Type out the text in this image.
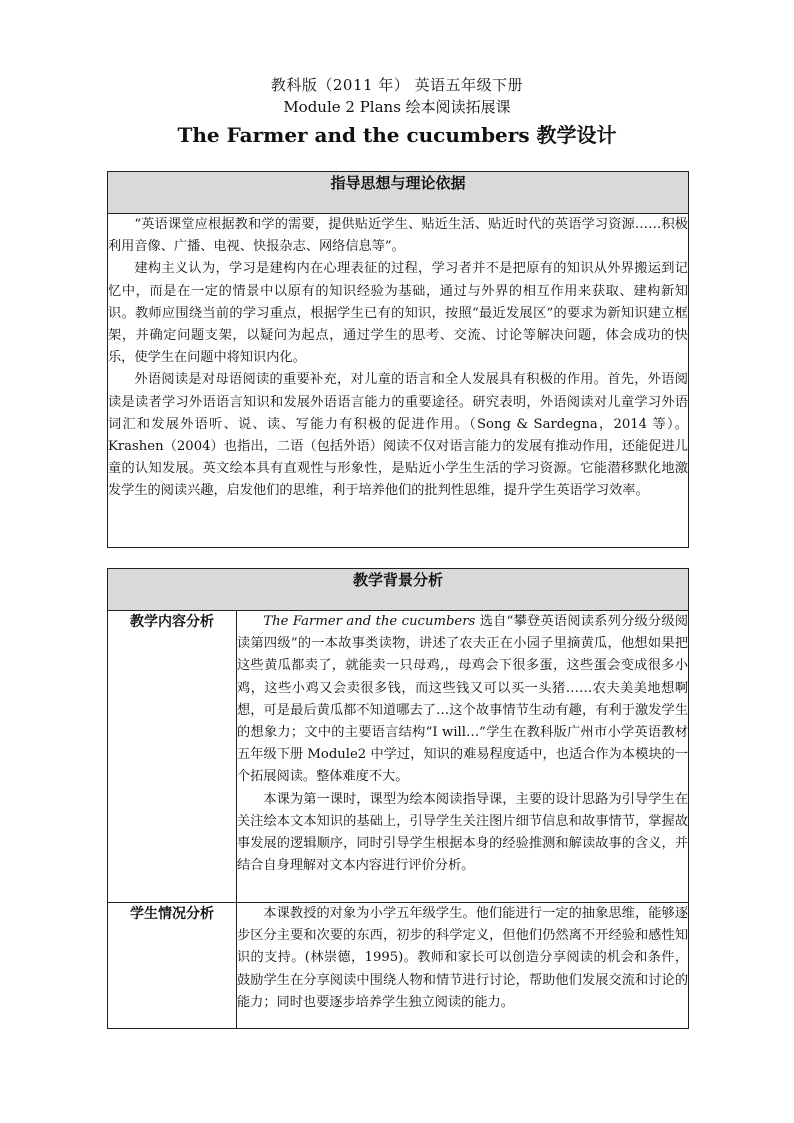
教科版（2011 年） 英语五年级下册
Module 2 Plans 绘本阅读拓展课
The Farmer and the cucumbers 教学设计
指导思想与理论依据

“英语课堂应根据教和学的需要，提供贴近学生、贴近生活、贴近时代的英语学习资源……积极利用音像、广播、电视、快报杂志、网络信息等”。

建构主义认为，学习是建构内在心理表征的过程，学习者并不是把原有的知识从外界搬运到记忆中，而是在一定的情景中以原有的知识经验为基础，通过与外界的相互作用来获取、建构新知识。教师应围绕当前的学习重点，根据学生已有的知识，按照“最近发展区”的要求为新知识建立框架，并确定问题支架，以疑问为起点，通过学生的思考、交流、讨论等解决问题，体会成功的快乐，使学生在问题中将知识内化。

外语阅读是对母语阅读的重要补充，对儿童的语言和全人发展具有积极的作用。首先，外语阅读是读者学习外语语言知识和发展外语语言能力的重要途径。研究表明，外语阅读对儿童学习外语词汇和发展外语听、说、读、写能力有积极的促进作用。（Song & Sardegna，2014 等）。Krashen（2004）也指出，二语（包括外语）阅读不仅对语言能力的发展有推动作用，还能促进儿童的认知发展。英文绘本具有直观性与形象性，是贴近小学生生活的学习资源。它能潜移默化地激发学生的阅读兴趣，启发他们的思维，利于培养他们的批判性思维，提升学生英语学习效率。

教学背景分析	
教学内容分析	The Farmer and the cucumbers 选自“攀登英语阅读系列分级分级阅读第四级”的一本故事类读物，讲述了农夫正在小园子里摘黄瓜，他想如果把这些黄瓜都卖了，就能卖一只母鸡,，母鸡会下很多蛋，这些蛋会变成很多小鸡，这些小鸡又会卖很多钱，而这些钱又可以买一头猪……农夫美美地想啊想，可是最后黄瓜都不知道哪去了…这个故事情节生动有趣，有利于激发学生的想象力；文中的主要语言结构“I will…”学生在教科版广州市小学英语教材五年级下册 Module2 中学过，知识的难易程度适中，也适合作为本模块的一个拓展阅读。整体难度不大。

本课为第一课时，课型为绘本阅读指导课，主要的设计思路为引导学生在关注绘本文本知识的基础上，引导学生关注图片细节信息和故事情节，掌握故事发展的逻辑顺序，同时引导学生根据本身的经验推测和解读故事的含义，并结合自身理解对文本内容进行评价分析。

学生情况分析	本课教授的对象为小学五年级学生。他们能进行一定的抽象思维，能够逐步区分主要和次要的东西，初步的科学定义，但他们仍然离不开经验和感性知识的支持。(林崇德，1995)。教师和家长可以创造分享阅读的机会和条件，鼓励学生在分享阅读中围绕人物和情节进行讨论，帮助他们发展交流和讨论的能力；同时也要逐步培养学生独立阅读的能力。
